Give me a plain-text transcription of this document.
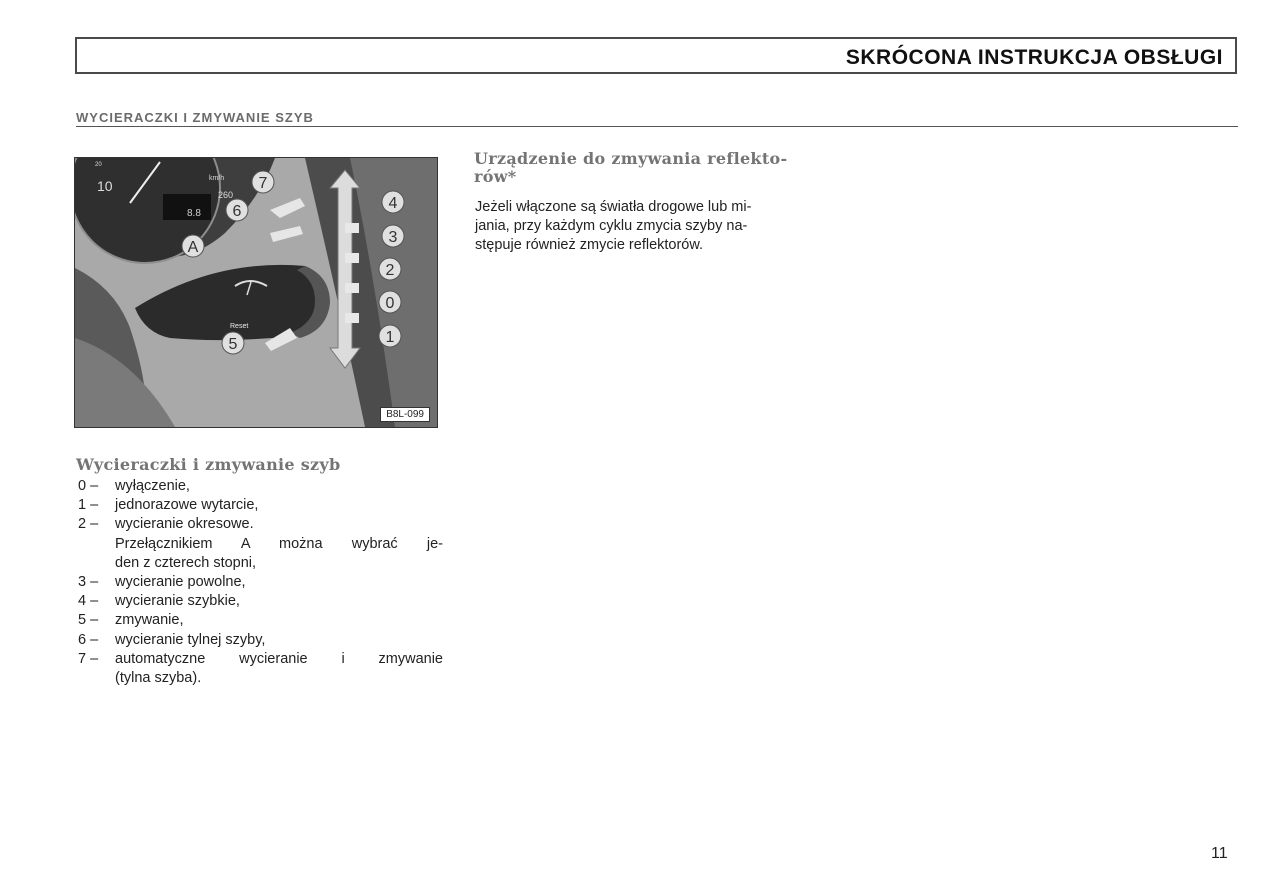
SKRÓCONA INSTRUKCJA OBSŁUGI
WYCIERACZKI I ZMYWANIE SZYB
7
6
A
5
4
3
2
0
1
10
20
km/h
260
8.8
Reset
B8L-099
Urządzenie do zmywania reflekto-
rów*
Jeżeli włączone są światła drogowe lub mi-
jania, przy każdym cyklu zmycia szyby na-
stępuje również zmycie reflektorów.
Wycieraczki i zmywanie szyb
0 –	wyłączenie,
1 –	jednorazowe wytarcie,
2 –	wycieranie okresowe.
Przełącznikiem A można wybrać je-
den z czterech stopni,
3 –	wycieranie powolne,
4 –	wycieranie szybkie,
5 –	zmywanie,
6 –	wycieranie tylnej szyby,
7 –	automatyczne wycieranie i zmywanie
(tylna szyba).
11
